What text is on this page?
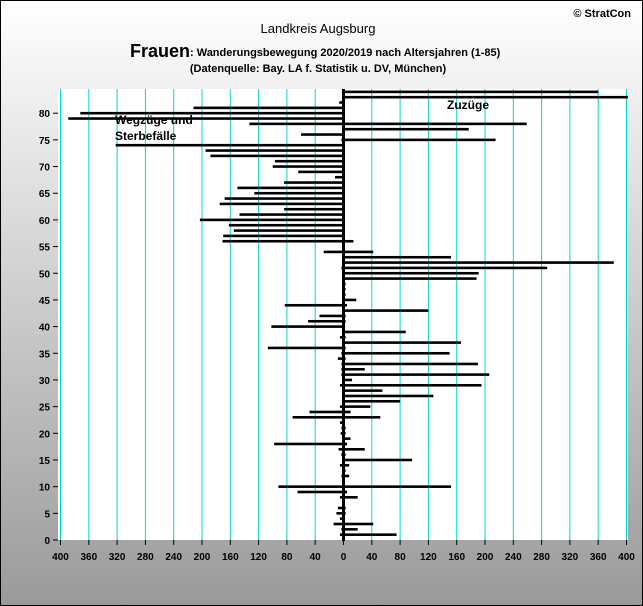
© StratCon
Landkreis Augsburg
Frauen : Wanderungsbewegung 2020/2019 nach Altersjahren (1-85)
(Datenquelle: Bay. LA f. Statistik u. DV, München)
400 360 320 280 240 200 160 120 80 40 0 40 80 120 160 200 240 280 320 360 400
0
5
10
15
20
25
30
35
40
45
50
55
60
65
70
75
80	Wegzüge und Sterbefälle
Zuzüge
